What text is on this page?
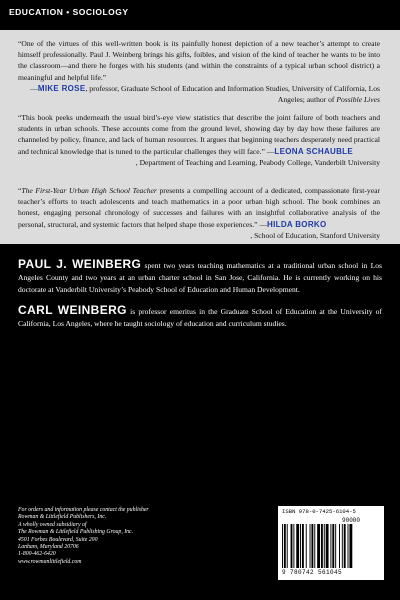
EDUCATION • SOCIOLOGY
“One of the virtues of this well-written book is its painfully honest depiction of a new teacher’s attempt to create himself professionally. Paul J. Weinberg brings his gifts, foibles, and vision of the kind of teacher he wants to be into the classroom—and there he forges with his students (and within the constraints of a typical urban school district) a meaningful and helpful life.”
—MIKE ROSE, professor, Graduate School of Education and Information Studies, University of California, Los Angeles; author of Possible Lives
“This book peeks underneath the usual bird’s-eye view statistics that describe the joint failure of both teachers and students in urban schools. These accounts come from the ground level, showing day by day how these failures are channeled by policy, finance, and lack of human resources. It argues that beginning teachers desperately need practical and technical knowledge that is tuned to the particular challenges they will face.” —LEONA SCHAUBLE
, Department of Teaching and Learning, Peabody College, Vanderbilt University
“The First-Year Urban High School Teacher presents a compelling account of a dedicated, compassionate first-year teacher’s efforts to teach adolescents and teach mathematics in a poor urban high school. The book combines an honest, engaging personal chronology of successes and failures with an insightful collaborative analysis of the personal, structural, and systemic factors that helped shape those experiences.” —HILDA BORKO
, School of Education, Stanford University
PAUL J. WEINBERG spent two years teaching mathematics at a traditional urban school in Los Angeles County and two years at an urban charter school in San Jose, California. He is currently working on his doctorate at Vanderbilt University’s Peabody School of Education and Human Development.
CARL WEINBERG is professor emeritus in the Graduate School of Education at the University of California, Los Angeles, where he taught sociology of education and curriculum studies.
For orders and information please contact the publisher
Rowman & Littlefield Publishers, Inc.
A wholly owned subsidiary of
The Rowman & Littlefield Publishing Group, Inc.
4501 Forbes Boulevard, Suite 200
Lanham, Maryland 20706
1-800-462-6420
www.rowmanlittlefield.com
ISBN 978-0-7425-6104-5
90000
9 780742 561045
